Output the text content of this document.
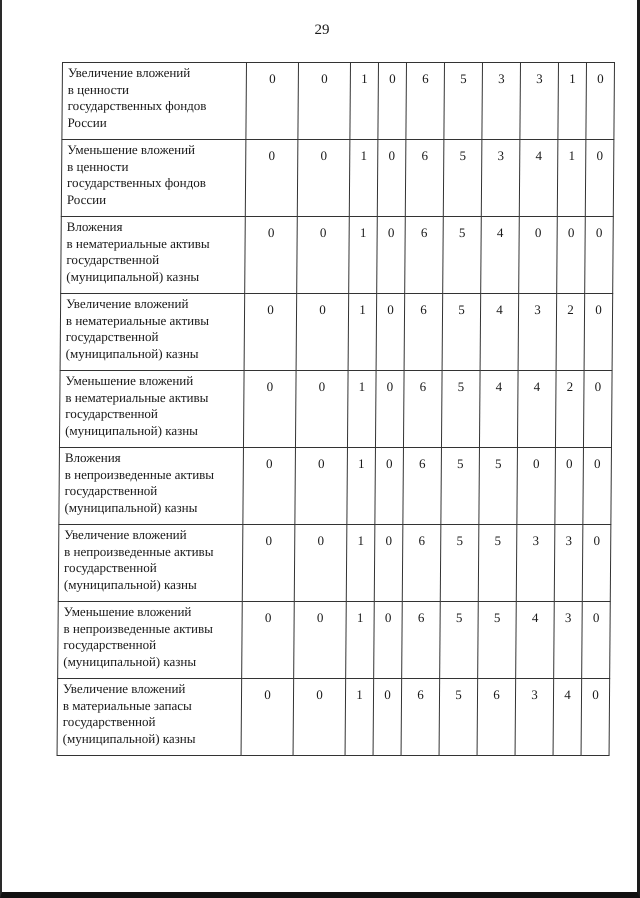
29
Увеличение вложений
в ценности
государственных фондов
России	0	0	1	0	6	5	3	3	1	0

Уменьшение вложений
в ценности
государственных фондов
России	0	0	1	0	6	5	3	4	1	0

Вложения
в нематериальные активы
государственной
(муниципальной) казны	0	0	1	0	6	5	4	0	0	0

Увеличение вложений
в нематериальные активы
государственной
(муниципальной) казны	0	0	1	0	6	5	4	3	2	0

Уменьшение вложений
в нематериальные активы
государственной
(муниципальной) казны	0	0	1	0	6	5	4	4	2	0

Вложения
в непроизведенные активы
государственной
(муниципальной) казны	0	0	1	0	6	5	5	0	0	0

Увеличение вложений
в непроизведенные активы
государственной
(муниципальной) казны	0	0	1	0	6	5	5	3	3	0

Уменьшение вложений
в непроизведенные активы
государственной
(муниципальной) казны	0	0	1	0	6	5	5	4	3	0

Увеличение вложений
в материальные запасы
государственной
(муниципальной) казны	0	0	1	0	6	5	6	3	4	0
